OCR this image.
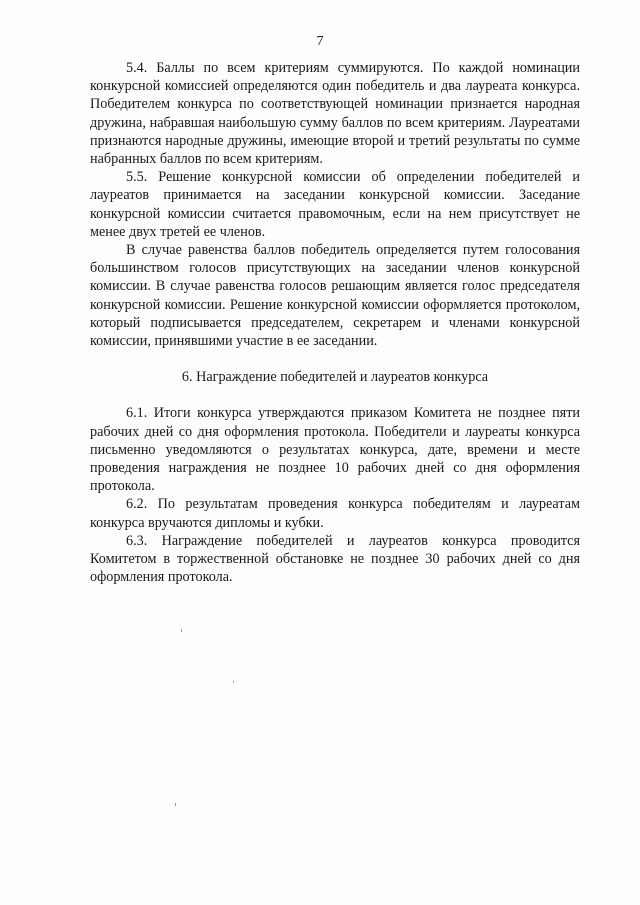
7

5.4. Баллы по всем критериям суммируются. По каждой номинации конкурсной комиссией определяются один победитель и два лауреата конкурса. Победителем конкурса по соответствующей номинации признается народная дружина, набравшая наибольшую сумму баллов по всем критериям. Лауреатами признаются народные дружины, имеющие второй и третий результаты по сумме набранных баллов по всем критериям.

5.5. Решение конкурсной комиссии об определении победителей и лауреатов принимается на заседании конкурсной комиссии. Заседание конкурсной комиссии считается правомочным, если на нем присутствует не менее двух третей ее членов.

В случае равенства баллов победитель определяется путем голосования большинством голосов присутствующих на заседании членов конкурсной комиссии. В случае равенства голосов решающим является голос председателя конкурсной комиссии. Решение конкурсной комиссии оформляется протоколом, который подписывается председателем, секретарем и членами конкурсной комиссии, принявшими участие в ее заседании.

6. Награждение победителей и лауреатов конкурса

6.1. Итоги конкурса утверждаются приказом Комитета не позднее пяти рабочих дней со дня оформления протокола. Победители и лауреаты конкурса письменно уведомляются о результатах конкурса, дате, времени и месте проведения награждения не позднее 10 рабочих дней со дня оформления протокола.

6.2. По результатам проведения конкурса победителям и лауреатам конкурса вручаются дипломы и кубки.

6.3. Награждение победителей и лауреатов конкурса проводится Комитетом в торжественной обстановке не позднее 30 рабочих дней со дня оформления протокола.
